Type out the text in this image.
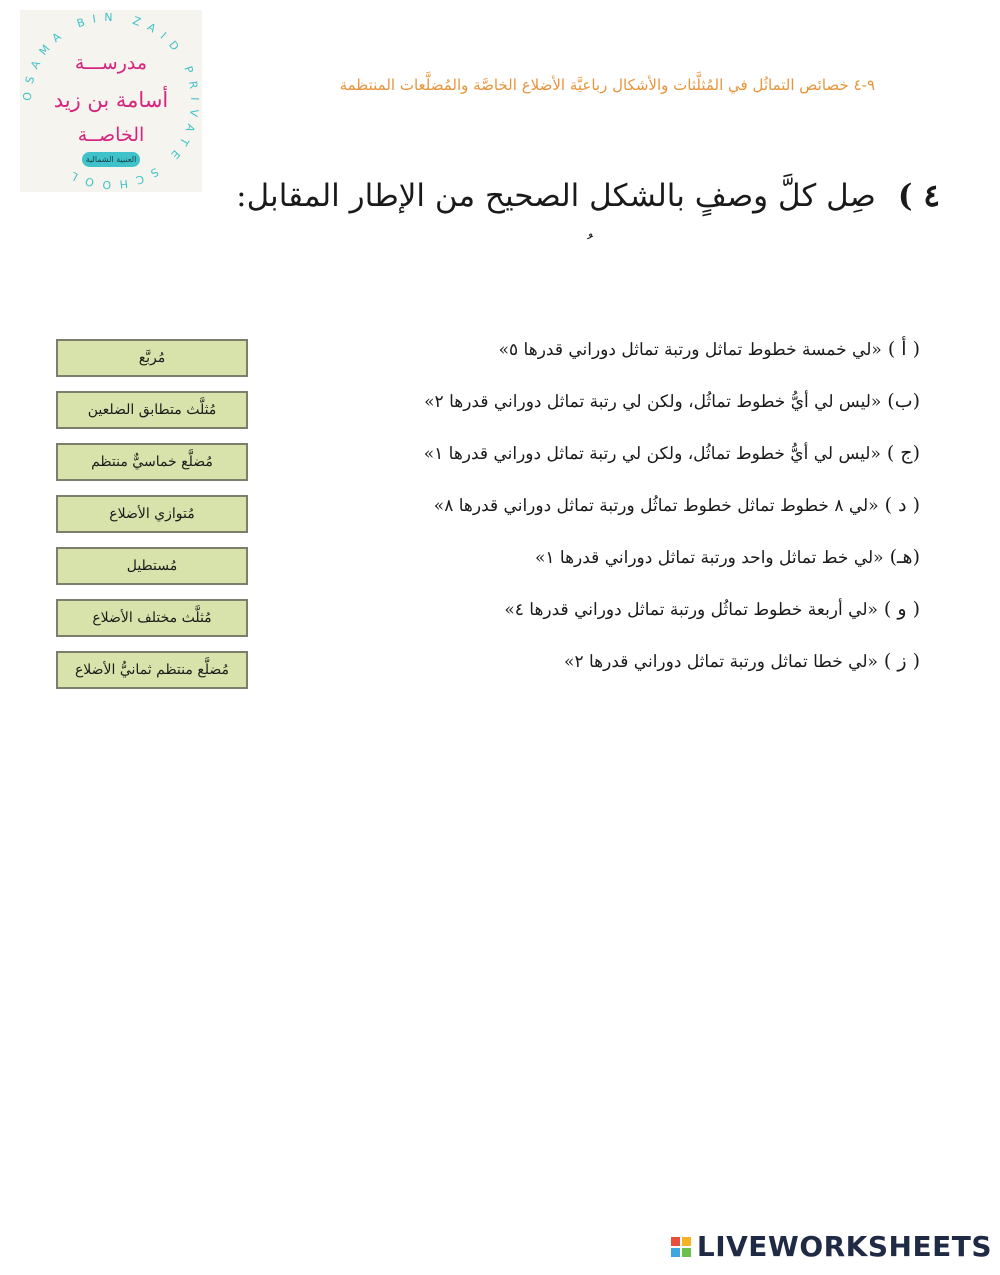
OSAMA BIN ZAID PRIVATE SCHOOL
مدرســـة
أسامة بن زيد
الخاصــة
العنبية الشمالية
٩-٤ خصائص التماثُل في المُثلَّثات والأشكال رباعيَّة الأضلاع الخاصَّة والمُضلَّعات المنتظمة
٤ )صِل كلَّ وصفٍ بالشكل الصحيح من الإطار المقابل:
مُربَّع
مُثلَّث متطابق الضلعين
مُضلَّع خماسيٌّ منتظم
مُتوازي الأضلاع
مُستطيل
مُثلَّث مختلف الأضلاع
مُضلَّع منتظم ثمانيُّ الأضلاع
( أ )«لي خمسة خطوط تماثل ورتبة تماثل دوراني قدرها ٥»
(ب)«ليس لي أيُّ خطوط تماثُل، ولكن لي رتبة تماثل دوراني قدرها ٢»
(ج )«ليس لي أيُّ خطوط تماثُل، ولكن لي رتبة تماثل دوراني قدرها ١»
( د )«لي ٨ خطوط تماثل خطوط تماثُل ورتبة تماثل دوراني قدرها ٨»
(هـ)«لي خط تماثل واحد ورتبة تماثل دوراني قدرها ١»
( و )«لي أربعة خطوط تماثُل ورتبة تماثل دوراني قدرها ٤»
( ز )«لي خطا تماثل ورتبة تماثل دوراني قدرها ٢»
LIVEWORKSHEETS
